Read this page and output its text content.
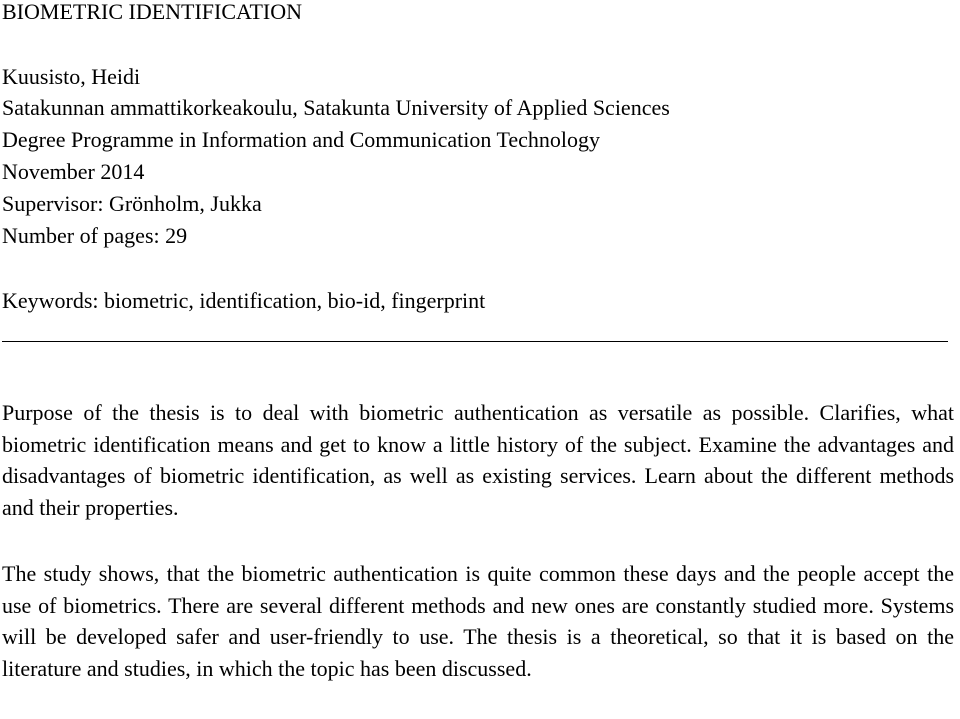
BIOMETRIC IDENTIFICATION

Kuusisto, Heidi

Satakunnan ammattikorkeakoulu, Satakunta University of Applied Sciences

Degree Programme in Information and Communication Technology

November 2014

Supervisor: Grönholm, Jukka

Number of pages: 29

Keywords: biometric, identification, bio-id, fingerprint

Purpose of the thesis is to deal with biometric authentication as versatile as possible. Clarifies, what biometric identification means and get to know a little history of the subject. Examine the advantages and disadvantages of biometric identification, as well as existing services. Learn about the different methods and their properties.

The study shows, that the biometric authentication is quite common these days and the people accept the use of biometrics. There are several different methods and new ones are constantly studied more. Systems will be developed safer and user-friendly to use. The thesis is a theoretical, so that it is based on the literature and studies, in which the topic has been discussed.
